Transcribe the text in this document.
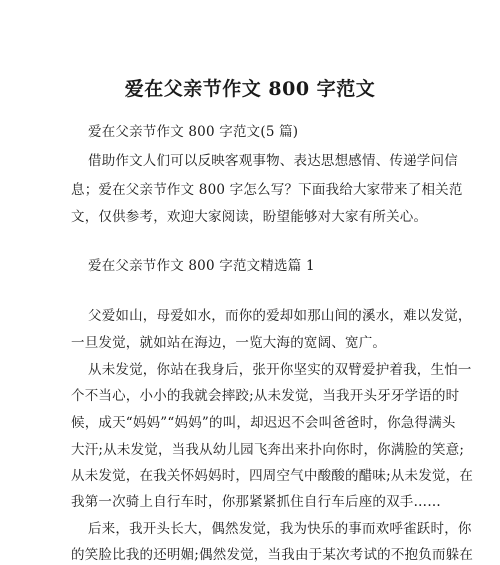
爱在父亲节作文 800 字范文
爱在父亲节作文 800 字范文(5 篇)
借助作文人们可以反映客观事物、表达思想感情、传递学问信
息；爱在父亲节作文 800 字怎么写？下面我给大家带来了相关范
文，仅供参考，欢迎大家阅读，盼望能够对大家有所关心。
爱在父亲节作文 800 字范文精选篇 1
父爱如山，母爱如水，而你的爱却如那山间的溪水，难以发觉，
一旦发觉，就如站在海边，一览大海的宽阔、宽广。
从未发觉，你站在我身后，张开你坚实的双臂爱护着我，生怕一
个不当心，小小的我就会摔跤;从未发觉，当我开头牙牙学语的时
候，成天“妈妈”“妈妈”的叫，却迟迟不会叫爸爸时，你急得满头
大汗;从未发觉，当我从幼儿园飞奔出来扑向你时，你满脸的笑意;
从未发觉，在我关怀妈妈时，四周空气中酸酸的醋味;从未发觉，在
我第一次骑上自行车时，你那紧紧抓住自行车后座的双手……
后来，我开头长大，偶然发觉，我为快乐的事而欢呼雀跃时，你
的笑脸比我的还明媚;偶然发觉，当我由于某次考试的不抱负而躲在
